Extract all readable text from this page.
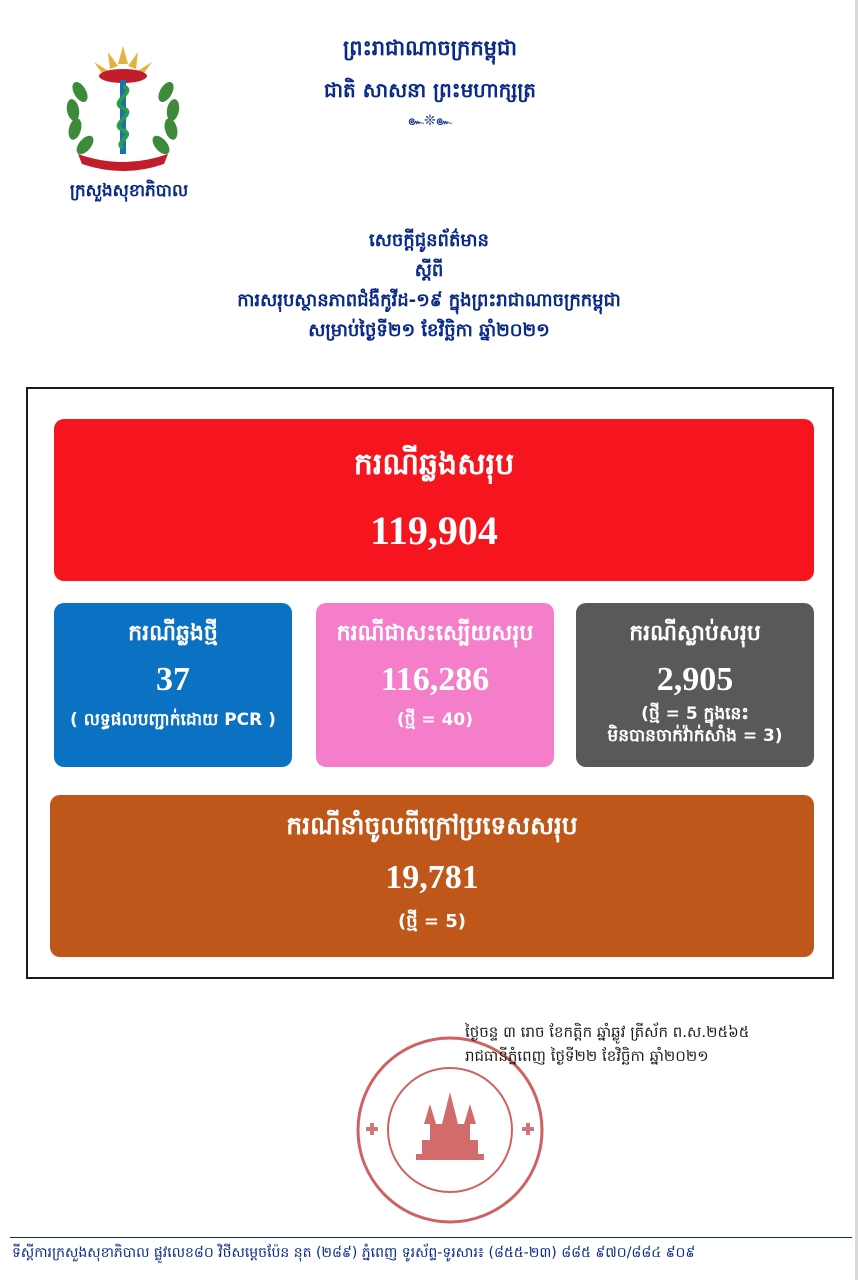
ក្រសួងសុខាភិបាល
ព្រះរាជាណាចក្រកម្ពុជា
ជាតិ សាសនា ព្រះមហាក្សត្រ
๛❊๛
សេចក្តីជូនព័ត៌មាន
ស្តីពី
ការសរុបស្ថានភាពជំងឺកូវីដ-១៩ ក្នុងព្រះរាជាណាចក្រកម្ពុជា
សម្រាប់ថ្ងៃទី២១ ខែវិច្ឆិកា ឆ្នាំ២០២១
ករណីឆ្លងសរុប
119,904
ករណីឆ្លងថ្មី
37
( លទ្ធផលបញ្ជាក់ដោយ PCR )
ករណីជាសះស្បើយសរុប
116,286
(ថ្មី = 40)
ករណីស្លាប់សរុប
2,905
(ថ្មី = 5 ក្នុងនេះ
មិនបានចាក់វ៉ាក់សាំង = 3)
ករណីនាំចូលពីក្រៅប្រទេសសរុប
19,781
(ថ្មី = 5)
ថ្ងៃចន្ទ ៣ រោច ខែកត្តិក ឆ្នាំឆ្លូវ ត្រីស័ក ព.ស.២៥៦៥
រាជធានីភ្នំពេញ ថ្ងៃទី២២ ខែវិច្ឆិកា ឆ្នាំ២០២១
ទីស្តីការក្រសួងសុខាភិបាល ផ្លូវលេខ៨០ វិថីសម្តេចប៉ែន នុត (២៨៩) ភ្នំពេញ ទូរស័ព្ទ-ទូរសារ៖ (៨៥៥-២៣) ៨៨៥ ៩៧០/៨៨៤ ៩០៩
